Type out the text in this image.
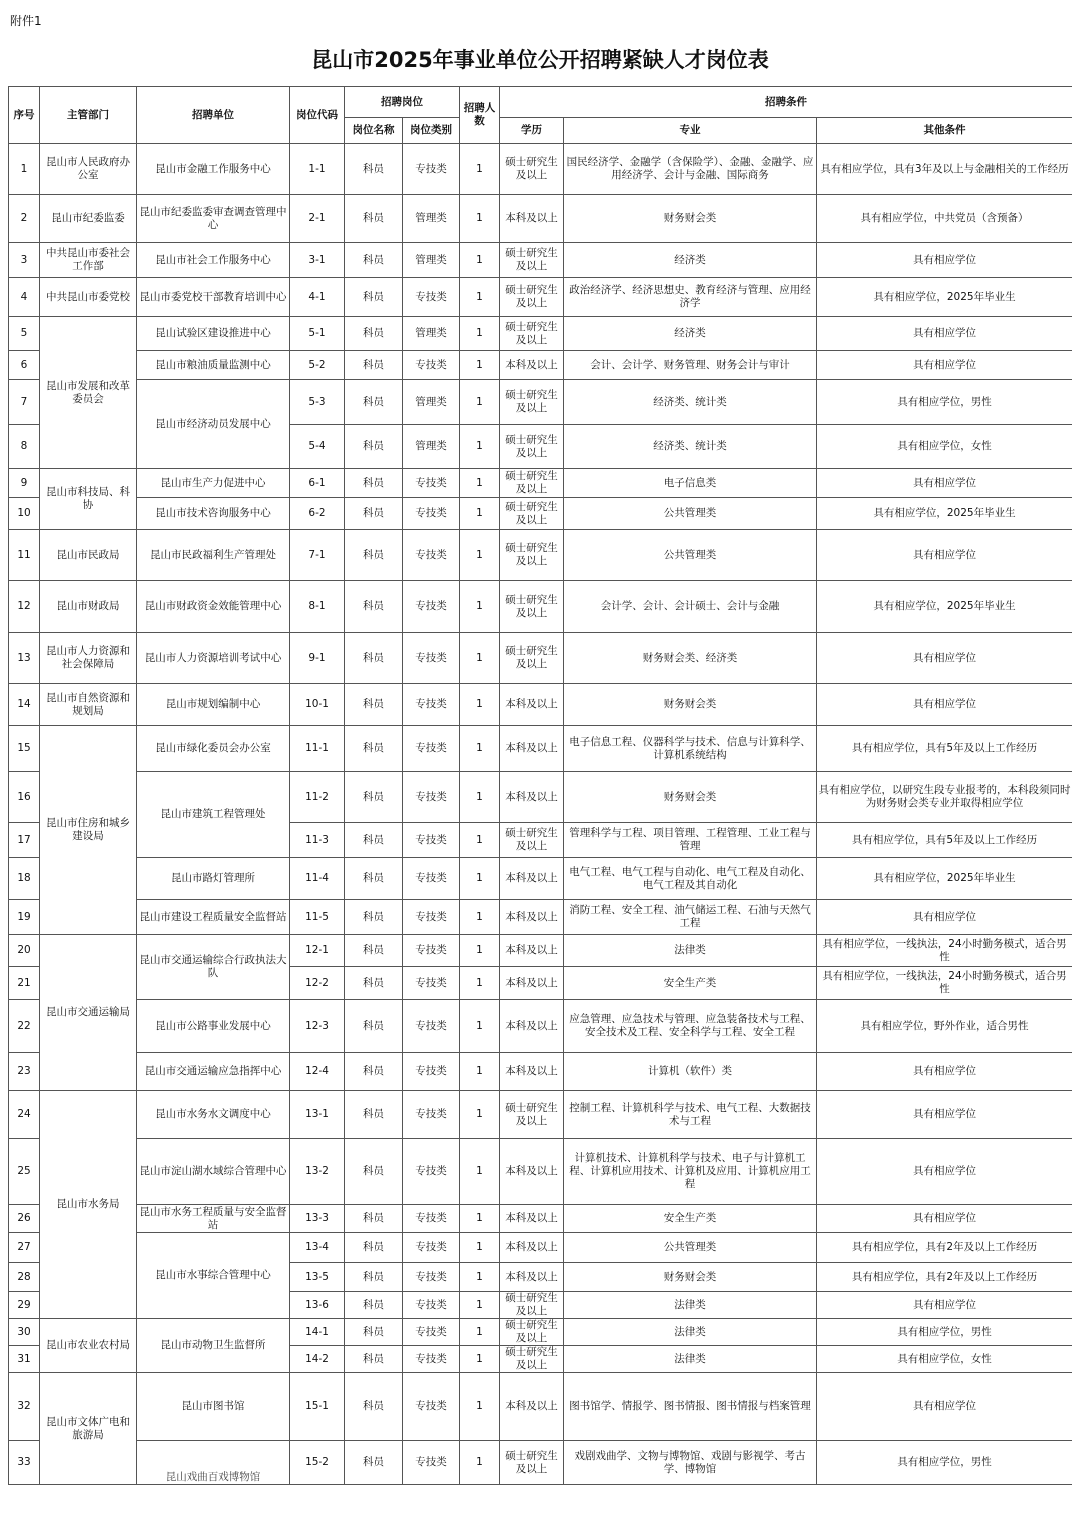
附件1
昆山市2025年事业单位公开招聘紧缺人才岗位表
序号	主管部门	招聘单位	岗位代码	招聘岗位		招聘人数	招聘条件		
				岗位名称	岗位类别		学历	专业	其他条件
1	昆山市人民政府办公室	昆山市金融工作服务中心	1-1	科员	专技类	1	硕士研究生及以上	国民经济学、金融学（含保险学）、金融、金融学、应用经济学、会计与金融、国际商务	具有相应学位，具有3年及以上与金融相关的工作经历
2	昆山市纪委监委	昆山市纪委监委审查调查管理中心	2-1	科员	管理类	1	本科及以上	财务财会类	具有相应学位，中共党员（含预备）
3	中共昆山市委社会工作部	昆山市社会工作服务中心	3-1	科员	管理类	1	硕士研究生及以上	经济类	具有相应学位
4	中共昆山市委党校	昆山市委党校干部教育培训中心	4-1	科员	专技类	1	硕士研究生及以上	政治经济学、经济思想史、教育经济与管理、应用经济学	具有相应学位，2025年毕业生
5	昆山市发展和改革委员会	昆山试验区建设推进中心	5-1	科员	管理类	1	硕士研究生及以上	经济类	具有相应学位
6		昆山市粮油质量监测中心	5-2	科员	专技类	1	本科及以上	会计、会计学、财务管理、财务会计与审计	具有相应学位
7		昆山市经济动员发展中心	5-3	科员	管理类	1	硕士研究生及以上	经济类、统计类	具有相应学位，男性
8			5-4	科员	管理类	1	硕士研究生及以上	经济类、统计类	具有相应学位，女性
9	昆山市科技局、科协	昆山市生产力促进中心	6-1	科员	专技类	1	硕士研究生及以上	电子信息类	具有相应学位
10		昆山市技术咨询服务中心	6-2	科员	专技类	1	硕士研究生及以上	公共管理类	具有相应学位，2025年毕业生
11	昆山市民政局	昆山市民政福利生产管理处	7-1	科员	专技类	1	硕士研究生及以上	公共管理类	具有相应学位
12	昆山市财政局	昆山市财政资金效能管理中心	8-1	科员	专技类	1	硕士研究生及以上	会计学、会计、会计硕士、会计与金融	具有相应学位，2025年毕业生
13	昆山市人力资源和社会保障局	昆山市人力资源培训考试中心	9-1	科员	专技类	1	硕士研究生及以上	财务财会类、经济类	具有相应学位
14	昆山市自然资源和规划局	昆山市规划编制中心	10-1	科员	专技类	1	本科及以上	财务财会类	具有相应学位
15	昆山市住房和城乡建设局	昆山市绿化委员会办公室	11-1	科员	专技类	1	本科及以上	电子信息工程、仪器科学与技术、信息与计算科学、计算机系统结构	具有相应学位，具有5年及以上工作经历
16		昆山市建筑工程管理处	11-2	科员	专技类	1	本科及以上	财务财会类	具有相应学位，以研究生段专业报考的，本科段须同时为财务财会类专业并取得相应学位
17			11-3	科员	专技类	1	硕士研究生及以上	管理科学与工程、项目管理、工程管理、工业工程与管理	具有相应学位，具有5年及以上工作经历
18		昆山市路灯管理所	11-4	科员	专技类	1	本科及以上	电气工程、电气工程与自动化、电气工程及自动化、电气工程及其自动化	具有相应学位，2025年毕业生
19		昆山市建设工程质量安全监督站	11-5	科员	专技类	1	本科及以上	消防工程、安全工程、油气储运工程、石油与天然气工程	具有相应学位
20	昆山市交通运输局	昆山市交通运输综合行政执法大队	12-1	科员	专技类	1	本科及以上	法律类	具有相应学位，一线执法，24小时勤务模式，适合男性
21			12-2	科员	专技类	1	本科及以上	安全生产类	具有相应学位，一线执法，24小时勤务模式，适合男性
22		昆山市公路事业发展中心	12-3	科员	专技类	1	本科及以上	应急管理、应急技术与管理、应急装备技术与工程、安全技术及工程、安全科学与工程、安全工程	具有相应学位，野外作业，适合男性
23		昆山市交通运输应急指挥中心	12-4	科员	专技类	1	本科及以上	计算机（软件）类	具有相应学位
24	昆山市水务局	昆山市水务水文调度中心	13-1	科员	专技类	1	硕士研究生及以上	控制工程、计算机科学与技术、电气工程、大数据技术与工程	具有相应学位
25		昆山市淀山湖水域综合管理中心	13-2	科员	专技类	1	本科及以上	计算机技术、计算机科学与技术、电子与计算机工程、计算机应用技术、计算机及应用、计算机应用工程	具有相应学位
26		昆山市水务工程质量与安全监督站	13-3	科员	专技类	1	本科及以上	安全生产类	具有相应学位
27		昆山市水事综合管理中心	13-4	科员	专技类	1	本科及以上	公共管理类	具有相应学位，具有2年及以上工作经历
28			13-5	科员	专技类	1	本科及以上	财务财会类	具有相应学位，具有2年及以上工作经历
29			13-6	科员	专技类	1	硕士研究生及以上	法律类	具有相应学位
30	昆山市农业农村局	昆山市动物卫生监督所	14-1	科员	专技类	1	硕士研究生及以上	法律类	具有相应学位，男性
31			14-2	科员	专技类	1	硕士研究生及以上	法律类	具有相应学位，女性
32	昆山市文体广电和旅游局	昆山市图书馆	15-1	科员	专技类	1	本科及以上	图书馆学、情报学、图书情报、图书情报与档案管理	具有相应学位
33		昆山戏曲百戏博物馆	15-2	科员	专技类	1	硕士研究生及以上	戏剧戏曲学、文物与博物馆、戏剧与影视学、考古学、博物馆	具有相应学位，男性
